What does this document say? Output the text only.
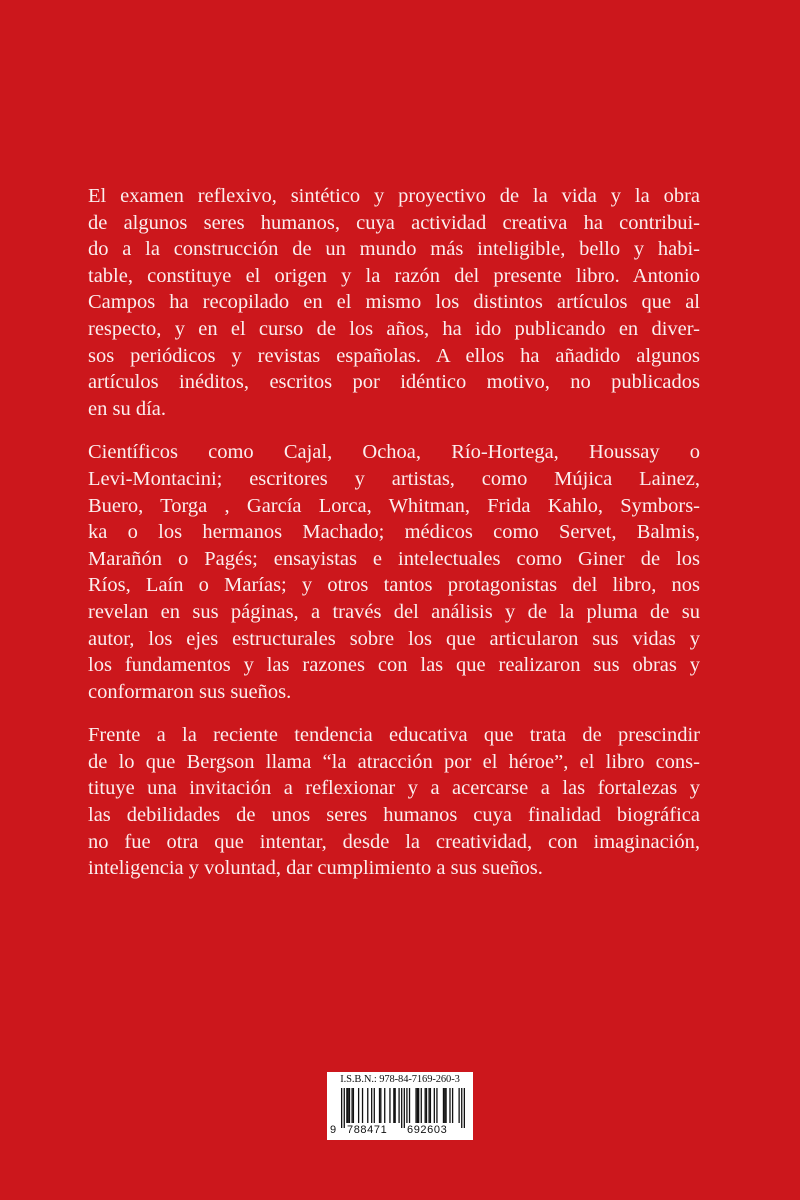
El examen reflexivo, sintético y proyectivo de la vida y la obra
de algunos seres humanos, cuya actividad creativa ha contribui-
do a la construcción de un mundo más inteligible, bello y habi-
table, constituye el origen y la razón del presente libro. Antonio
Campos ha recopilado en el mismo los distintos artículos que al
respecto, y en el curso de los años, ha ido publicando en diver-
sos periódicos y revistas españolas. A ellos ha añadido algunos
artículos inéditos, escritos por idéntico motivo, no publicados
en su día.

Científicos como Cajal, Ochoa, Río-Hortega, Houssay o
Levi-Montacini; escritores y artistas, como Mújica Lainez,
Buero, Torga , García Lorca, Whitman, Frida Kahlo, Symbors-
ka o los hermanos Machado; médicos como Servet, Balmis,
Marañón o Pagés; ensayistas e intelectuales como Giner de los
Ríos, Laín o Marías; y otros tantos protagonistas del libro, nos
revelan en sus páginas, a través del análisis y de la pluma de su
autor, los ejes estructurales sobre los que articularon sus vidas y
los fundamentos y las razones con las que realizaron sus obras y
conformaron sus sueños.

Frente a la reciente tendencia educativa que trata de prescindir
de lo que Bergson llama “la atracción por el héroe”, el libro cons-
tituye una invitación a reflexionar y a acercarse a las fortalezas y
las debilidades de unos seres humanos cuya finalidad biográfica
no fue otra que intentar, desde la creatividad, con imaginación,
inteligencia y voluntad, dar cumplimiento a sus sueños.

I.S.B.N.: 978-84-7169-260-3
9 788471 692603
